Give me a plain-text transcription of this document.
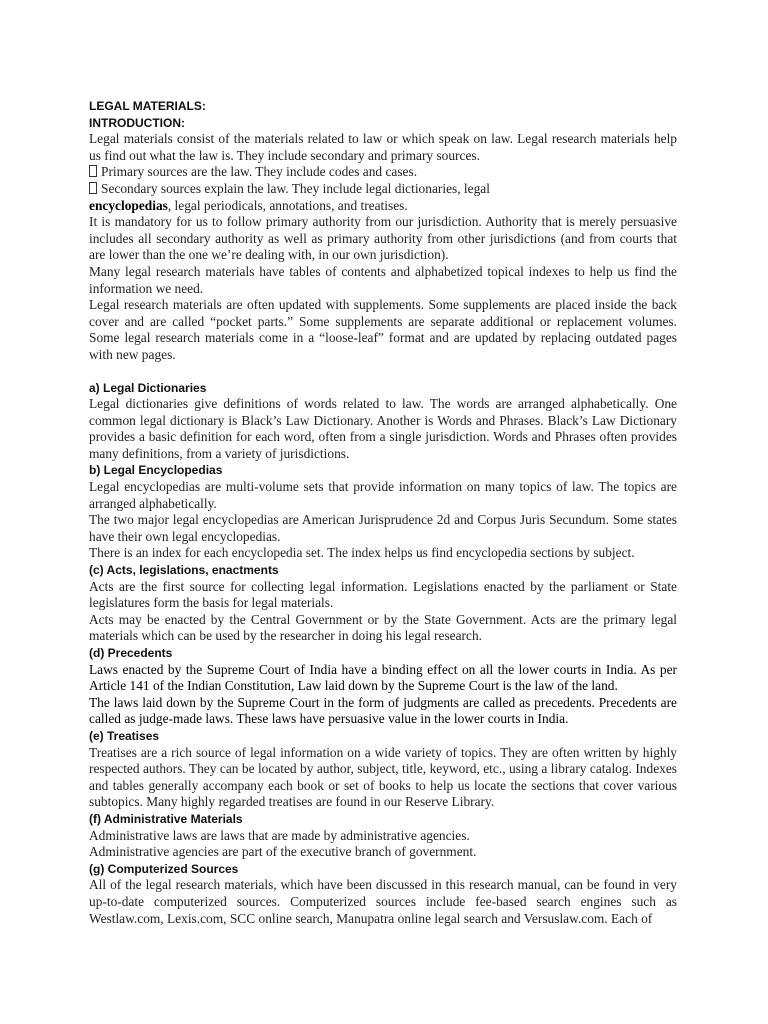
LEGAL MATERIALS:
INTRODUCTION:
Legal materials consist of the materials related to law or which speak on law. Legal research materials help us find out what the law is. They include secondary and primary sources.
Primary sources are the law. They include codes and cases.
Secondary sources explain the law. They include legal dictionaries, legal
encyclopedias, legal periodicals, annotations, and treatises.
It is mandatory for us to follow primary authority from our jurisdiction. Authority that is merely persuasive includes all secondary authority as well as primary authority from other jurisdictions (and from courts that are lower than the one we’re dealing with, in our own jurisdiction).
Many legal research materials have tables of contents and alphabetized topical indexes to help us find the information we need.
Legal research materials are often updated with supplements. Some supplements are placed inside the back cover and are called “pocket parts.” Some supplements are separate additional or replacement volumes. Some legal research materials come in a “loose-leaf” format and are updated by replacing outdated pages with new pages.
a) Legal Dictionaries
Legal dictionaries give definitions of words related to law. The words are arranged alphabetically. One common legal dictionary is Black’s Law Dictionary. Another is Words and Phrases. Black’s Law Dictionary provides a basic definition for each word, often from a single jurisdiction. Words and Phrases often provides many definitions, from a variety of jurisdictions.
b) Legal Encyclopedias
Legal encyclopedias are multi-volume sets that provide information on many topics of law. The topics are arranged alphabetically.
The two major legal encyclopedias are American Jurisprudence 2d and Corpus Juris Secundum. Some states have their own legal encyclopedias.
There is an index for each encyclopedia set. The index helps us find encyclopedia sections by subject.
(c) Acts, legislations, enactments
Acts are the first source for collecting legal information. Legislations enacted by the parliament or State legislatures form the basis for legal materials.
Acts may be enacted by the Central Government or by the State Government. Acts are the primary legal materials which can be used by the researcher in doing his legal research.
(d) Precedents
Laws enacted by the Supreme Court of India have a binding effect on all the lower courts in India. As per Article 141 of the Indian Constitution, Law laid down by the Supreme Court is the law of the land.
The laws laid down by the Supreme Court in the form of judgments are called as precedents. Precedents are called as judge-made laws. These laws have persuasive value in the lower courts in India.
(e) Treatises
Treatises are a rich source of legal information on a wide variety of topics. They are often written by highly respected authors. They can be located by author, subject, title, keyword, etc., using a library catalog. Indexes and tables generally accompany each book or set of books to help us locate the sections that cover various subtopics. Many highly regarded treatises are found in our Reserve Library.
(f) Administrative Materials
Administrative laws are laws that are made by administrative agencies.
Administrative agencies are part of the executive branch of government.
(g) Computerized Sources
All of the legal research materials, which have been discussed in this research manual, can be found in very up-to-date computerized sources. Computerized sources include fee-based search engines such as Westlaw.com, Lexis.com, SCC online search, Manupatra online legal search and Versuslaw.com. Each of
